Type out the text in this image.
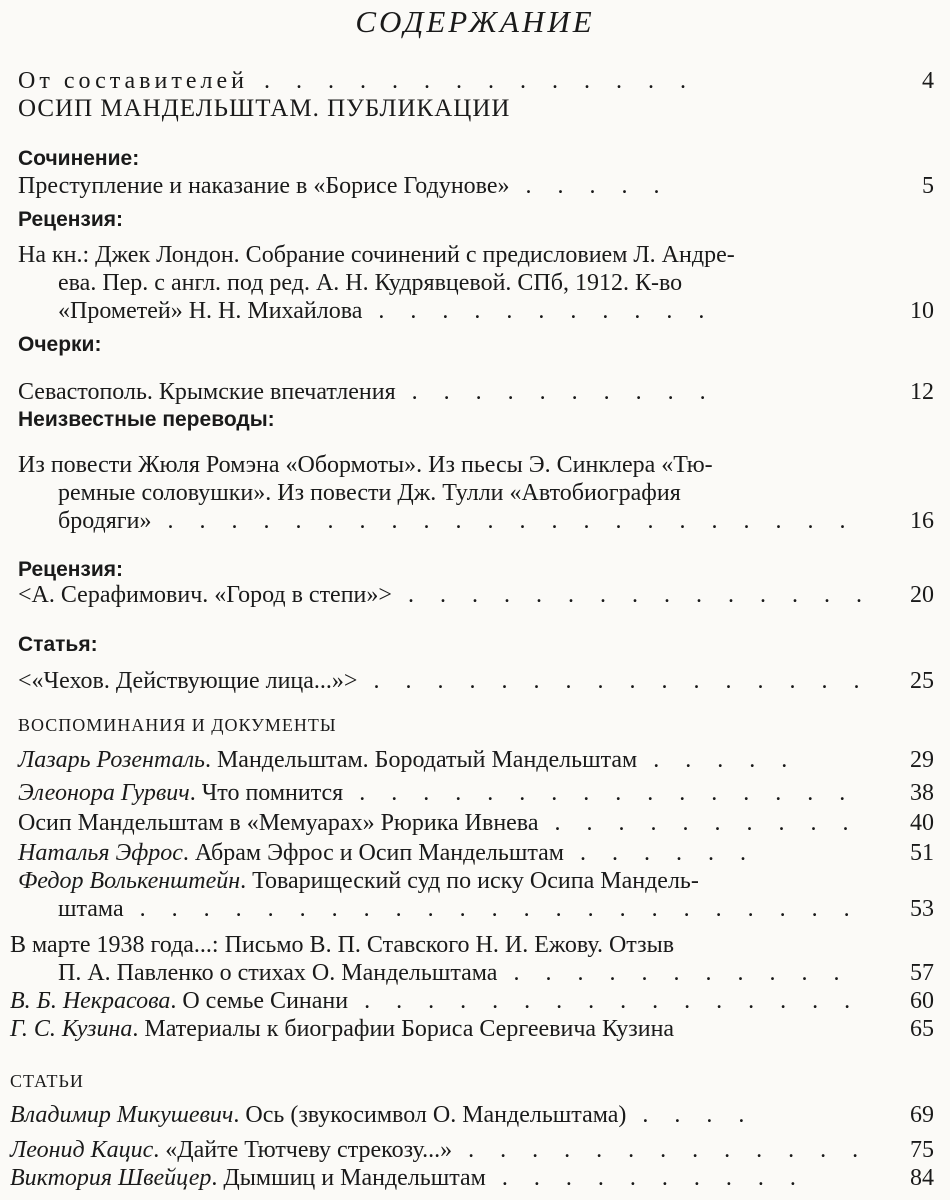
СОДЕРЖАНИЕ
От составителей . . . . . . . . . . . . . .	4
ОСИП МАНДЕЛЬШТАМ. ПУБЛИКАЦИИ
Сочинение:
Преступление и наказание в «Борисе Годунове» . . . . .	5
Рецензия:
На кн.: Джек Лондон. Собрание сочинений с предисловием Л. Андре-
ева. Пер. с англ. под ред. А. Н. Кудрявцевой. СПб, 1912. К-во
«Прометей» Н. Н. Михайлова . . . . . . . . . . .	10
Очерки:
Севастополь. Крымские впечатления . . . . . . . . . .	12
Неизвестные переводы:
Из повести Жюля Ромэна «Обормоты». Из пьесы Э. Синклера «Тю-
ремные соловушки». Из повести Дж. Тулли «Автобиография
бродяги» . . . . . . . . . . . . . . . . . . . . . . 16
Рецензия:
<А. Серафимович. «Город в степи»> . . . . . . . . . . . . . . . 20
Статья:
<«Чехов. Действующие лица...»> . . . . . . . . . . . . . . . . 25
ВОСПОМИНАНИЯ И ДОКУМЕНТЫ
Лазарь Розенталь. Мандельштам. Бородатый Мандельштам . . . . .	29
Элеонора Гурвич. Что помнится . . . . . . . . . . . . . . . . 38
Осип Мандельштам в «Мемуарах» Рюрика Ивнева . . . . . . . . . . 40
Наталья Эфрос. Абрам Эфрос и Осип Мандельштам . . . . . .	51
Федор Волькенштейн. Товарищеский суд по иску Осипа Мандель-
штама . . . . . . . . . . . . . . . . . . . . . . . 53
В марте 1938 года...: Письмо В. П. Ставского Н. И. Ежову. Отзыв
П. А. Павленко о стихах О. Мандельштама . . . . . . . . . . .	57
В. Б. Некрасова. О семье Синани . . . . . . . . . . . . . . . . 60
Г. С. Кузина. Материалы к биографии Бориса Сергеевича Кузина	65
СТАТЬИ
Владимир Микушевич. Ось (звукосимвол О. Мандельштама) . . . .	69
Леонид Кацис. «Дайте Тютчеву стрекозу...» . . . . . . . . . . . . . 75
Виктория Швейцер. Дымшиц и Мандельштам . . . . . . . . . .	84
